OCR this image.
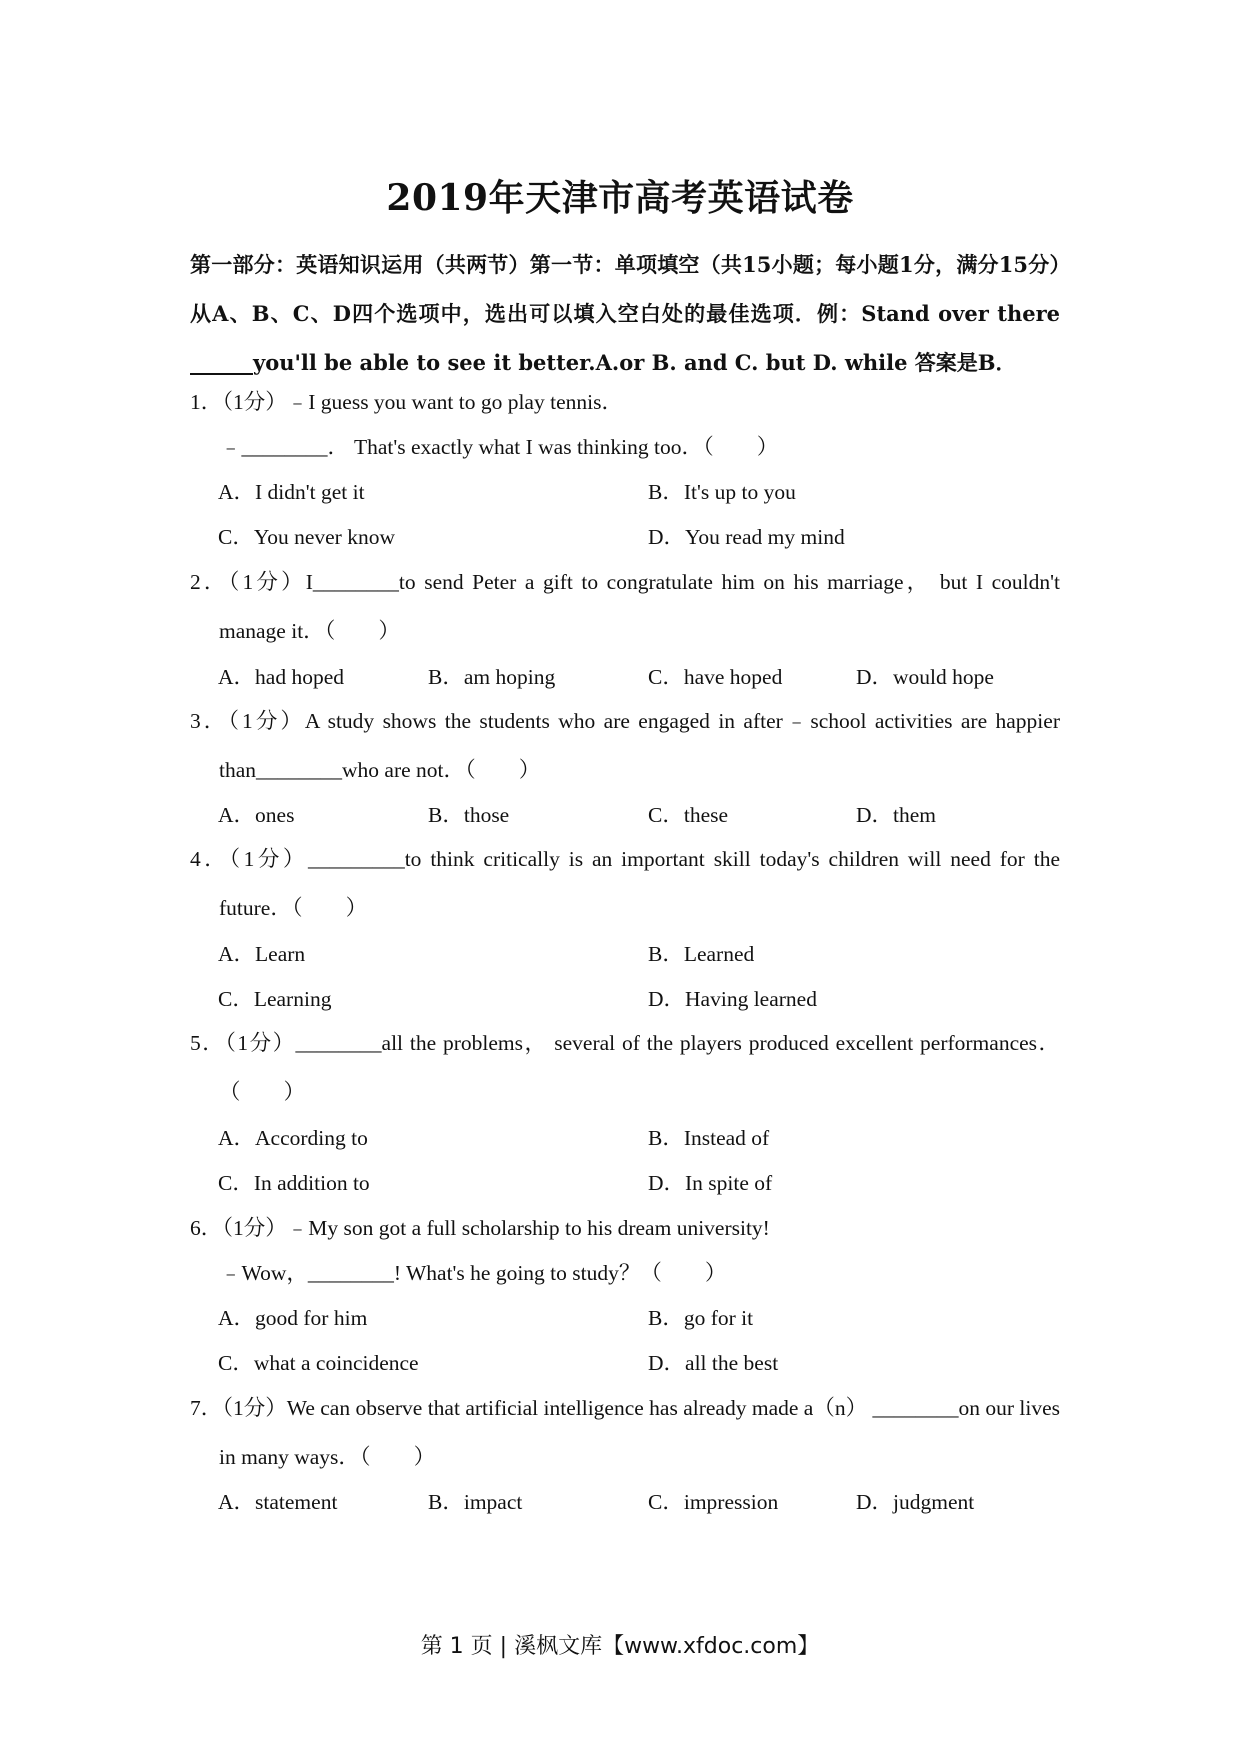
2019年天津市高考英语试卷

第一部分：英语知识运用（共两节）第一节：单项填空（共15小题；每小题1分，满分15分）从A、B、C、D四个选项中，选出可以填入空白处的最佳选项．例：Stand over there ______you'll be able to see it better.A.or B. and C. but D. while 答案是B．

1．（1分）﹣I guess you want to go play tennis．
﹣________． That's exactly what I was thinking too．（　　）
A．I didn't get it	B．It's up to you
C．You never know	D．You read my mind
2．（1分）I________to send Peter a gift to congratulate him on his marriage， but I couldn't manage it．（　　）
A．had hoped	B．am hoping	C．have hoped	D．would hope
3．（1分）A study shows the students who are engaged in after﹣school activities are happier than________who are not．（　　）
A．ones	B．those	C．these	D．them
4．（1分）_________to think critically is an important skill today's children will need for the future．（　　）
A．Learn	B．Learned
C．Learning	D．Having learned
5．（1分）________all the problems， several of the players produced excellent performances．（　　）
A．According to	B．Instead of
C．In addition to	D．In spite of
6．（1分）﹣My son got a full scholarship to his dream university!
﹣Wow，________! What's he going to study？（　　）
A．good for him	B．go for it
C．what a coincidence	D．all the best
7．（1分）We can observe that artificial intelligence has already made a（n） ________on our lives in many ways．（　　）
A．statement	B．impact	C．impression	D．judgment
第 1 页 | 溪枫文库【www.xfdoc.com】
